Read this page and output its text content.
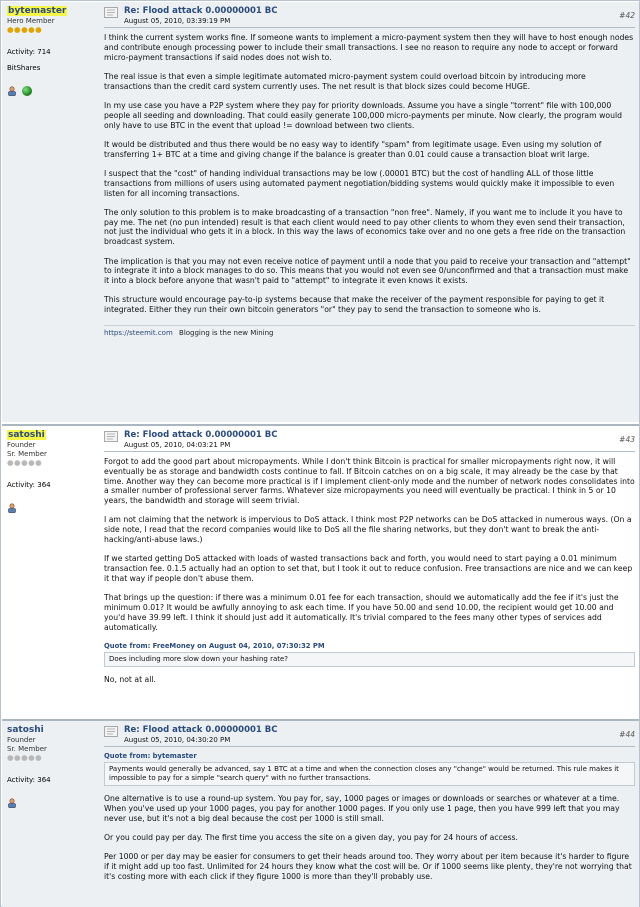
bytemaster
Hero Member
●●●●●
Activity: 714
BitShares
Re: Flood attack 0.00000001 BC
August 05, 2010, 03:39:19 PM
#42

I think the current system works fine. If someone wants to implement a micro-payment system then they will have to host enough nodes and contribute enough processing power to include their small transactions. I see no reason to require any node to accept or forward micro-payment transactions if said nodes does not wish to.

The real issue is that even a simple legitimate automated micro-payment system could overload bitcoin by introducing more transactions than the credit card system currently uses. The net result is that block sizes could become HUGE.

In my use case you have a P2P system where they pay for priority downloads. Assume you have a single "torrent" file with 100,000 people all seeding and downloading. That could easily generate 100,000 micro-payments per minute. Now clearly, the program would only have to use BTC in the event that upload != download between two clients.

It would be distributed and thus there would be no easy way to identify "spam" from legitimate usage. Even using my solution of transferring 1+ BTC at a time and giving change if the balance is greater than 0.01 could cause a transaction bloat writ large.

I suspect that the "cost" of handing individual transactions may be low (.00001 BTC) but the cost of handling ALL of those little transactions from millions of users using automated payment negotiation/bidding systems would quickly make it impossible to even listen for all incoming transactions.

The only solution to this problem is to make broadcasting of a transaction "non free". Namely, if you want me to include it you have to pay me. The net (no pun intended) result is that each client would need to pay other clients to whom they even send their transaction, not just the individual who gets it in a block. In this way the laws of economics take over and no one gets a free ride on the transaction broadcast system.

The implication is that you may not even receive notice of payment until a node that you paid to receive your transaction and "attempt" to integrate it into a block manages to do so. This means that you would not even see 0/unconfirmed and that a transaction must make it into a block before anyone that wasn't paid to "attempt" to integrate it even knows it exists.

This structure would encourage pay-to-ip systems because that make the receiver of the payment responsible for paying to get it integrated. Either they run their own bitcoin generators "or" they pay to send the transaction to someone who is.

https://steemit.com Blogging is the new Mining
satoshi
Founder
Sr. Member
●●●●●
Activity: 364
Re: Flood attack 0.00000001 BC
August 05, 2010, 04:03:21 PM
#43

Forgot to add the good part about micropayments. While I don't think Bitcoin is practical for smaller micropayments right now, it will eventually be as storage and bandwidth costs continue to fall. If Bitcoin catches on on a big scale, it may already be the case by that time. Another way they can become more practical is if I implement client-only mode and the number of network nodes consolidates into a smaller number of professional server farms. Whatever size micropayments you need will eventually be practical. I think in 5 or 10 years, the bandwidth and storage will seem trivial.

I am not claiming that the network is impervious to DoS attack. I think most P2P networks can be DoS attacked in numerous ways. (On a side note, I read that the record companies would like to DoS all the file sharing networks, but they don't want to break the anti-hacking/anti-abuse laws.)

If we started getting DoS attacked with loads of wasted transactions back and forth, you would need to start paying a 0.01 minimum transaction fee. 0.1.5 actually had an option to set that, but I took it out to reduce confusion. Free transactions are nice and we can keep it that way if people don't abuse them.

That brings up the question: if there was a minimum 0.01 fee for each transaction, should we automatically add the fee if it's just the minimum 0.01? It would be awfully annoying to ask each time. If you have 50.00 and send 10.00, the recipient would get 10.00 and you'd have 39.99 left. I think it should just add it automatically. It's trivial compared to the fees many other types of services add automatically.

Quote from: FreeMoney on August 04, 2010, 07:30:32 PM
Does including more slow down your hashing rate?

No, not at all.

satoshi
Founder
Sr. Member
●●●●●
Activity: 364
Re: Flood attack 0.00000001 BC
August 05, 2010, 04:30:20 PM
#44
Quote from: bytemaster
Payments would generally be advanced, say 1 BTC at a time and when the connection closes any "change" would be returned. This rule makes it impossible to pay for a simple "search query" with no further transactions.

One alternative is to use a round-up system. You pay for, say, 1000 pages or images or downloads or searches or whatever at a time. When you've used up your 1000 pages, you pay for another 1000 pages. If you only use 1 page, then you have 999 left that you may never use, but it's not a big deal because the cost per 1000 is still small.

Or you could pay per day. The first time you access the site on a given day, you pay for 24 hours of access.

Per 1000 or per day may be easier for consumers to get their heads around too. They worry about per item because it's harder to figure if it might add up too fast. Unlimited for 24 hours they know what the cost will be. Or if 1000 seems like plenty, they're not worrying that it's costing more with each click if they figure 1000 is more than they'll probably use.
